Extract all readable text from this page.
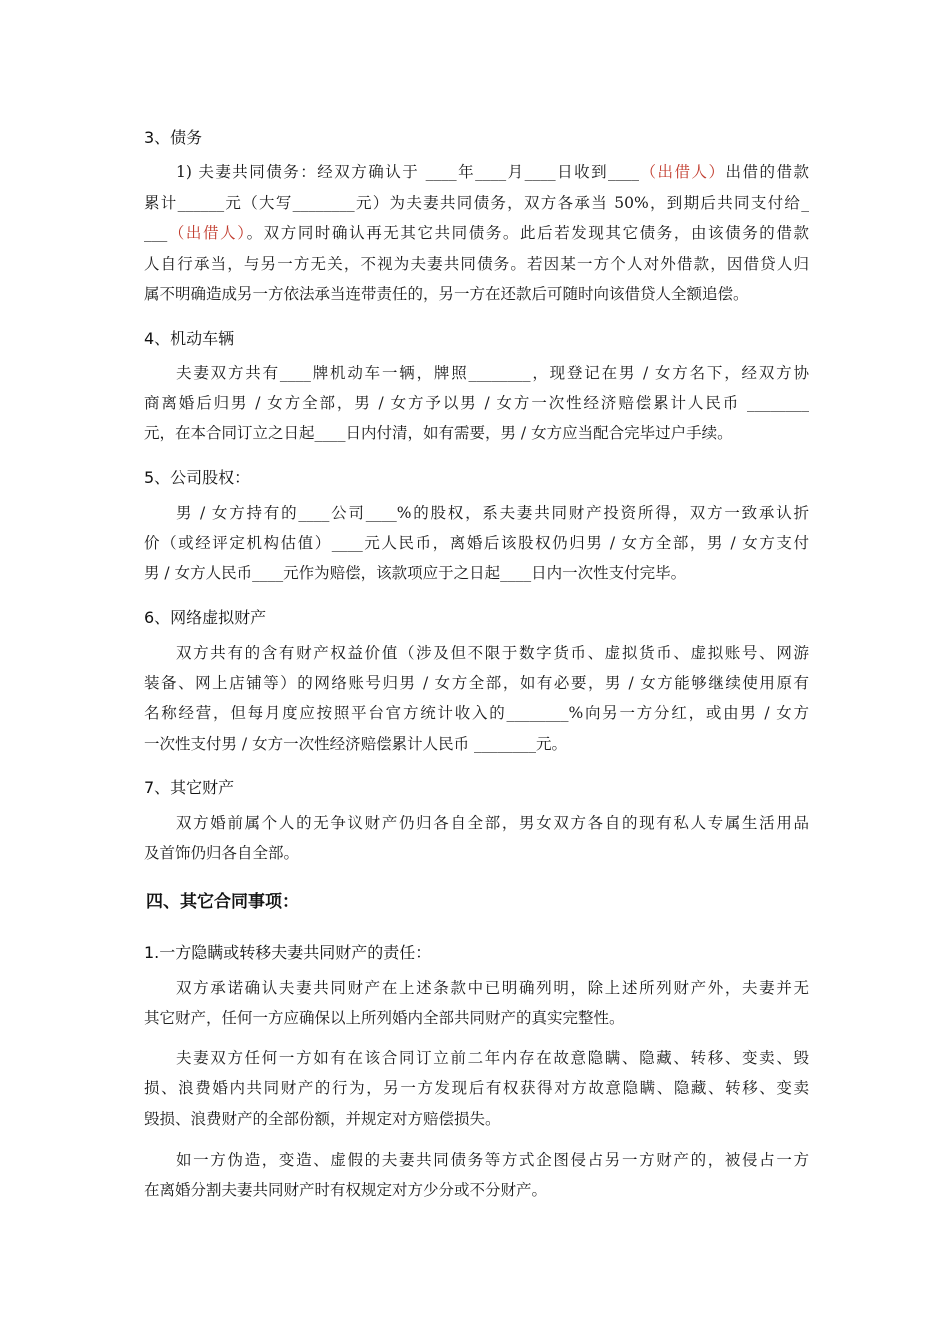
3、债务
1) 夫妻共同债务：经双方确认于 ____年____月____日收到____（出借人）出借的借款
累计______元（大写________元）为夫妻共同债务，双方各承当 50%，到期后共同支付给_
___（出借人）。双方同时确认再无其它共同债务。此后若发现其它债务，由该债务的借款
人自行承当，与另一方无关，不视为夫妻共同债务。若因某一方个人对外借款，因借贷人归
属不明确造成另一方依法承当连带责任的，另一方在还款后可随时向该借贷人全额追偿。
4、机动车辆
夫妻双方共有____牌机动车一辆，牌照________，现登记在男 / 女方名下，经双方协
商离婚后归男 / 女方全部，男 / 女方予以男 / 女方一次性经济赔偿累计人民币 ________
元，在本合同订立之日起____日内付清，如有需要，男 / 女方应当配合完毕过户手续。
5、公司股权：
男 / 女方持有的____公司____%的股权，系夫妻共同财产投资所得，双方一致承认折
价（或经评定机构估值）____元人民币，离婚后该股权仍归男 / 女方全部，男 / 女方支付
男 / 女方人民币____元作为赔偿，该款项应于之日起____日内一次性支付完毕。
6、网络虚拟财产
双方共有的含有财产权益价值（涉及但不限于数字货币、虚拟货币、虚拟账号、网游
装备、网上店铺等）的网络账号归男 / 女方全部，如有必要，男 / 女方能够继续使用原有
名称经营，但每月度应按照平台官方统计收入的________%向另一方分红，或由男 / 女方
一次性支付男 / 女方一次性经济赔偿累计人民币 ________元。
7、其它财产
双方婚前属个人的无争议财产仍归各自全部，男女双方各自的现有私人专属生活用品
及首饰仍归各自全部。
四、其它合同事项：
1.一方隐瞒或转移夫妻共同财产的责任：
双方承诺确认夫妻共同财产在上述条款中已明确列明，除上述所列财产外，夫妻并无
其它财产，任何一方应确保以上所列婚内全部共同财产的真实完整性。
夫妻双方任何一方如有在该合同订立前二年内存在故意隐瞒、隐藏、转移、变卖、毁
损、浪费婚内共同财产的行为，另一方发现后有权获得对方故意隐瞒、隐藏、转移、变卖
毁损、浪费财产的全部份额，并规定对方赔偿损失。
如一方伪造，变造、虚假的夫妻共同债务等方式企图侵占另一方财产的，被侵占一方
在离婚分割夫妻共同财产时有权规定对方少分或不分财产。
